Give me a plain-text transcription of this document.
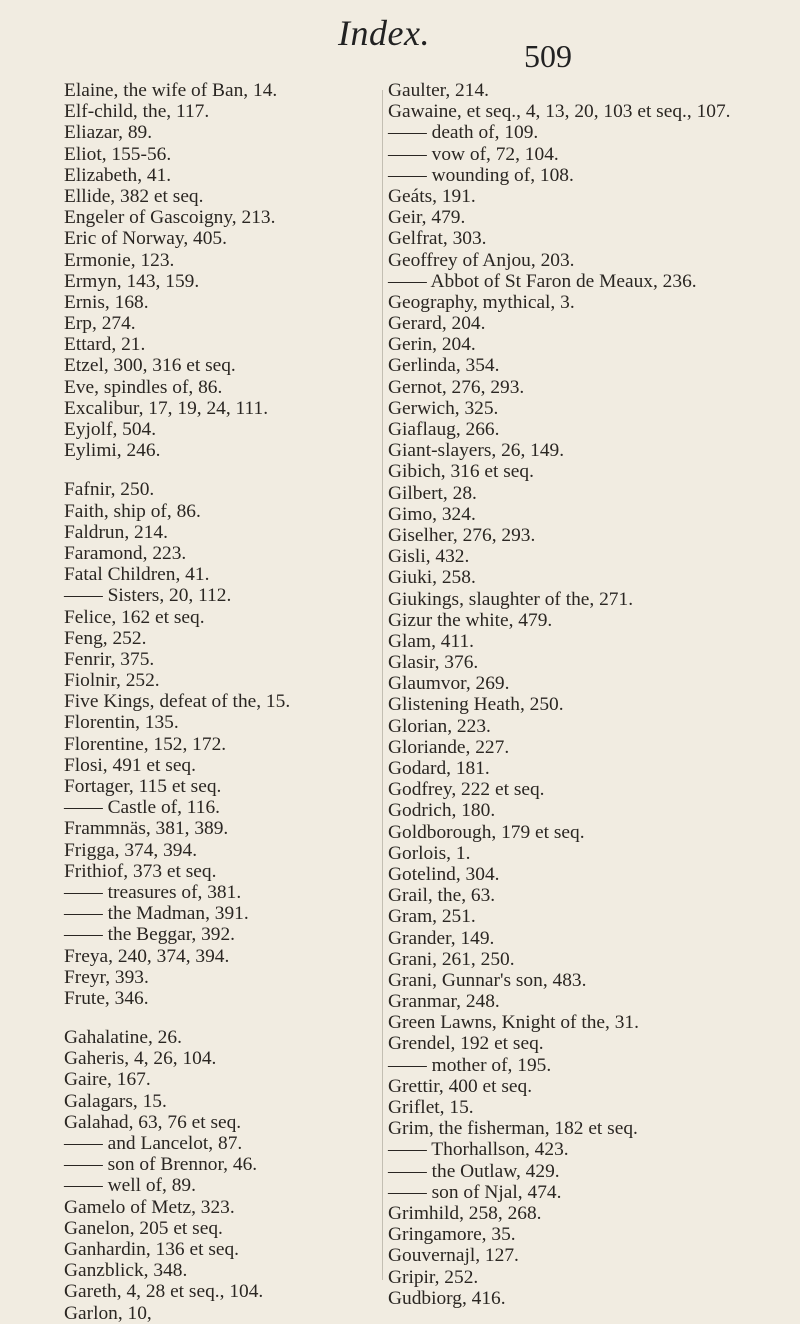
Index.
509
Elaine, the wife of Ban, 14.
Elf-child, the, 117.
Eliazar, 89.
Eliot, 155-56.
Elizabeth, 41.
Ellide, 382 et seq.
Engeler of Gascoigny, 213.
Eric of Norway, 405.
Ermonie, 123.
Ermyn, 143, 159.
Ernis, 168.
Erp, 274.
Ettard, 21.
Etzel, 300, 316 et seq.
Eve, spindles of, 86.
Excalibur, 17, 19, 24, 111.
Eyjolf, 504.
Eylimi, 246.
Fafnir, 250.
Faith, ship of, 86.
Faldrun, 214.
Faramond, 223.
Fatal Children, 41.
—— Sisters, 20, 112.
Felice, 162 et seq.
Feng, 252.
Fenrir, 375.
Fiolnir, 252.
Five Kings, defeat of the, 15.
Florentin, 135.
Florentine, 152, 172.
Flosi, 491 et seq.
Fortager, 115 et seq.
—— Castle of, 116.
Frammnäs, 381, 389.
Frigga, 374, 394.
Frithiof, 373 et seq.
—— treasures of, 381.
—— the Madman, 391.
—— the Beggar, 392.
Freya, 240, 374, 394.
Freyr, 393.
Frute, 346.
Gahalatine, 26.
Gaheris, 4, 26, 104.
Gaire, 167.
Galagars, 15.
Galahad, 63, 76 et seq.
—— and Lancelot, 87.
—— son of Brennor, 46.
—— well of, 89.
Gamelo of Metz, 323.
Ganelon, 205 et seq.
Ganhardin, 136 et seq.
Ganzblick, 348.
Gareth, 4, 28 et seq., 104.
Garlon, 10,
Gaulter, 214.
Gawaine, et seq., 4, 13, 20, 103 et seq., 107.
—— death of, 109.
—— vow of, 72, 104.
—— wounding of, 108.
Geáts, 191.
Geir, 479.
Gelfrat, 303.
Geoffrey of Anjou, 203.
—— Abbot of St Faron de Meaux, 236.
Geography, mythical, 3.
Gerard, 204.
Gerin, 204.
Gerlinda, 354.
Gernot, 276, 293.
Gerwich, 325.
Giaflaug, 266.
Giant-slayers, 26, 149.
Gibich, 316 et seq.
Gilbert, 28.
Gimo, 324.
Giselher, 276, 293.
Gisli, 432.
Giuki, 258.
Giukings, slaughter of the, 271.
Gizur the white, 479.
Glam, 411.
Glasir, 376.
Glaumvor, 269.
Glistening Heath, 250.
Glorian, 223.
Gloriande, 227.
Godard, 181.
Godfrey, 222 et seq.
Godrich, 180.
Goldborough, 179 et seq.
Gorlois, 1.
Gotelind, 304.
Grail, the, 63.
Gram, 251.
Grander, 149.
Grani, 261, 250.
Grani, Gunnar's son, 483.
Granmar, 248.
Green Lawns, Knight of the, 31.
Grendel, 192 et seq.
—— mother of, 195.
Grettir, 400 et seq.
Griflet, 15.
Grim, the fisherman, 182 et seq.
—— Thorhallson, 423.
—— the Outlaw, 429.
—— son of Njal, 474.
Grimhild, 258, 268.
Gringamore, 35.
Gouvernajl, 127.
Gripir, 252.
Gudbiorg, 416.
